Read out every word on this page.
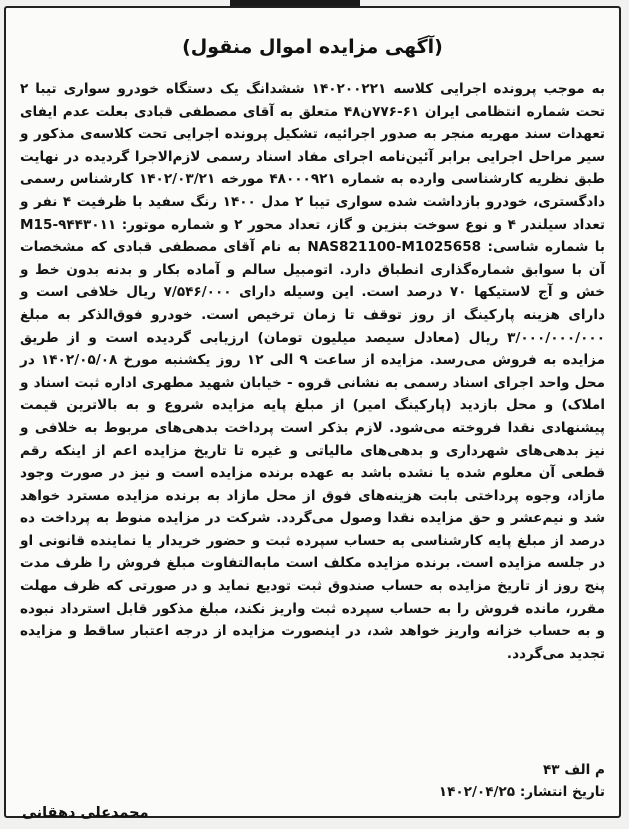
(آگهی مزایده اموال منقول)
به موجب پرونده اجرایی کلاسه ۱۴۰۲۰۰۲۲۱ ششدانگ یک دستگاه خودرو سواری تیبا ۲ تحت شماره انتظامی ایران ۶۱-۷۷۶ن۴۸ متعلق به آقای مصطفی قبادی بعلت عدم ایفای تعهدات سند مهریه منجر به صدور اجرائیه، تشکیل پرونده اجرایی تحت کلاسه‌ی مذکور و سیر مراحل اجرایی برابر آئین‌نامه اجرای مفاد اسناد رسمی لازم‌الاجرا گردیده در نهایت طبق نظریه کارشناسی وارده به شماره ۴۸۰۰۰۹۲۱ مورخه ۱۴۰۲/۰۳/۲۱ کارشناس رسمی دادگستری، خودرو بازداشت شده سواری تیبا ۲ مدل ۱۴۰۰ رنگ سفید با ظرفیت ۴ نفر و تعداد سیلندر ۴ و نوع سوخت بنزین و گاز، تعداد محور ۲ و شماره موتور: M15-۹۴۴۳۰۱۱ با شماره شاسی: NAS821100-M1025658 به نام آقای مصطفی قبادی که مشخصات آن با سوابق شماره‌گذاری انطباق دارد. اتومبیل سالم و آماده بکار و بدنه بدون خط و خش و آج لاستیکها ۷۰ درصد است. این وسیله دارای ۷/۵۴۶/۰۰۰ ریال خلافی است و دارای هزینه پارکینگ از روز توقف تا زمان ترخیص است. خودرو فوق‌الذکر به مبلغ ۳/۰۰۰/۰۰۰/۰۰۰ ریال (معادل سیصد میلیون تومان) ارزیابی گردیده است و از طریق مزایده به فروش می‌رسد. مزایده از ساعت ۹ الی ۱۲ روز یکشنبه مورخ ۱۴۰۲/۰۵/۰۸ در محل واحد اجرای اسناد رسمی به نشانی قروه - خیابان شهید مطهری اداره ثبت اسناد و املاک) و محل بازدید (پارکینگ امیر) از مبلغ پایه مزایده شروع و به بالاترین قیمت پیشنهادی نقدا فروخته می‌شود. لازم بذکر است پرداخت بدهی‌های مربوط به خلافی و نیز بدهی‌های شهرداری و بدهی‌های مالیاتی و غیره تا تاریخ مزایده اعم از اینکه رقم قطعی آن معلوم شده یا نشده باشد به عهده برنده مزایده است و نیز در صورت وجود مازاد، وجوه پرداختی بابت هزینه‌های فوق از محل مازاد به برنده مزایده مسترد خواهد شد و نیم‌عشر و حق مزایده نقدا وصول می‌گردد. شرکت در مزایده منوط به پرداخت ده درصد از مبلغ پایه کارشناسی به حساب سپرده ثبت و حضور خریدار یا نماینده قانونی او در جلسه مزایده است. برنده مزایده مکلف است مابه‌التفاوت مبلغ فروش را ظرف مدت پنج روز از تاریخ مزایده به حساب صندوق ثبت تودیع نماید و در صورتی که ظرف مهلت مقرر، مانده فروش را به حساب سپرده ثبت واریز نکند، مبلغ مذکور قابل استرداد نبوده و به حساب خزانه واریز خواهد شد، در اینصورت مزایده از درجه اعتبار ساقط و مزایده تجدید می‌گردد.
م الف ۴۳
تاریخ انتشار: ۱۴۰۲/۰۴/۲۵
محمدعلی دهقانی
